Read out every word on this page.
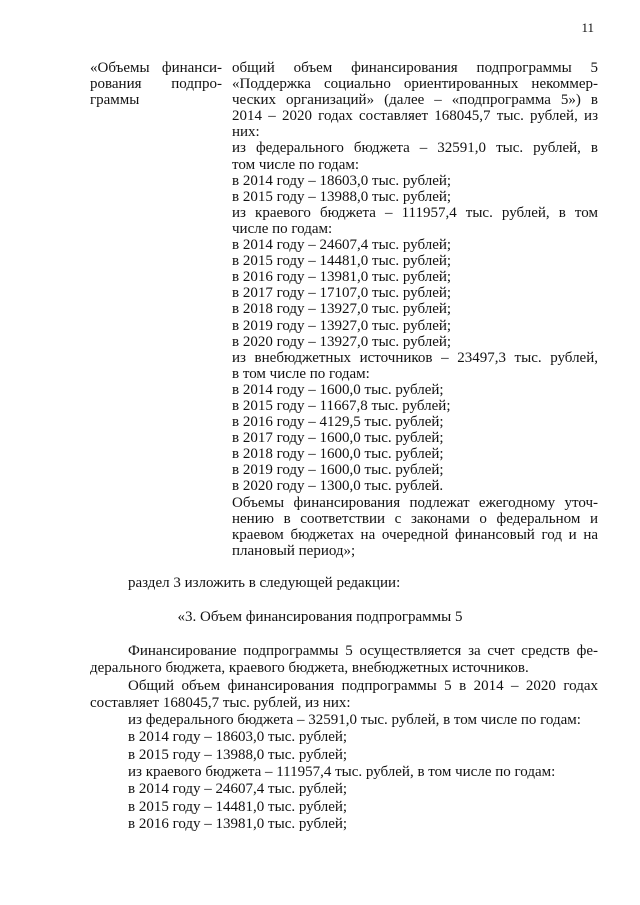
11

«Объемы финанси-

рования подпро-

граммы

общий объем финансирования подпрограммы 5

«Поддержка социально ориентированных некоммер-

ческих организаций» (далее – «подпрограмма 5») в

2014 – 2020 годах составляет 168045,7 тыс. рублей, из

них:

из федерального бюджета – 32591,0 тыс. рублей, в

том числе по годам:

в 2014 году – 18603,0 тыс. рублей;

в 2015 году – 13988,0 тыс. рублей;

из краевого бюджета – 111957,4 тыс. рублей, в том

числе по годам:

в 2014 году – 24607,4 тыс. рублей;

в 2015 году – 14481,0 тыс. рублей;

в 2016 году – 13981,0 тыс. рублей;

в 2017 году – 17107,0 тыс. рублей;

в 2018 году – 13927,0 тыс. рублей;

в 2019 году – 13927,0 тыс. рублей;

в 2020 году – 13927,0 тыс. рублей;

из внебюджетных источников – 23497,3 тыс. рублей,

в том числе по годам:

в 2014 году – 1600,0 тыс. рублей;

в 2015 году – 11667,8 тыс. рублей;

в 2016 году – 4129,5 тыс. рублей;

в 2017 году – 1600,0 тыс. рублей;

в 2018 году – 1600,0 тыс. рублей;

в 2019 году – 1600,0 тыс. рублей;

в 2020 году – 1300,0 тыс. рублей.

Объемы финансирования подлежат ежегодному уточ-

нению в соответствии с законами о федеральном и

краевом бюджетах на очередной финансовый год и на

плановый период»;

раздел 3 изложить в следующей редакции:
«3. Объем финансирования подпрограммы 5

Финансирование подпрограммы 5 осуществляется за счет средств фе-

дерального бюджета, краевого бюджета, внебюджетных источников.

Общий объем финансирования подпрограммы 5 в 2014 – 2020 годах

составляет 168045,7 тыс. рублей, из них:

из федерального бюджета – 32591,0 тыс. рублей, в том числе по годам:

в 2014 году – 18603,0 тыс. рублей;

в 2015 году – 13988,0 тыс. рублей;

из краевого бюджета – 111957,4 тыс. рублей, в том числе по годам:

в 2014 году – 24607,4 тыс. рублей;

в 2015 году – 14481,0 тыс. рублей;

в 2016 году – 13981,0 тыс. рублей;
